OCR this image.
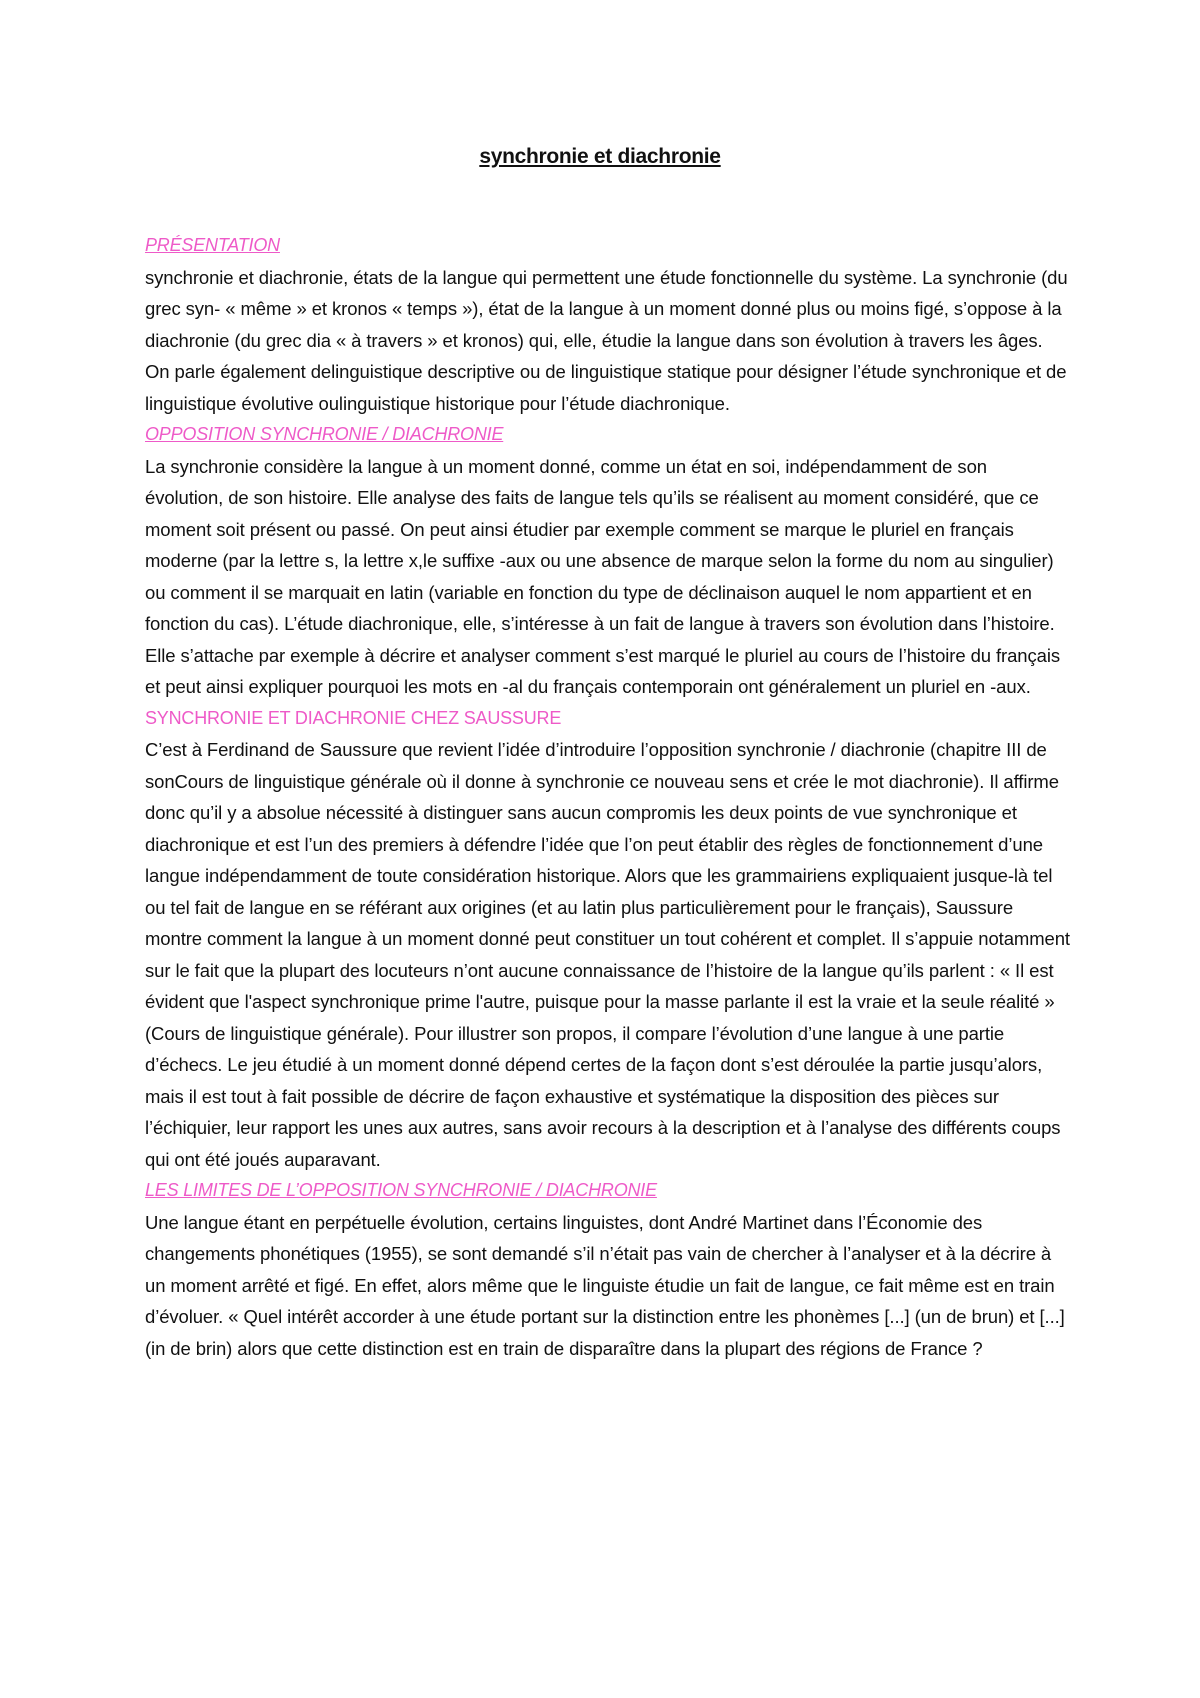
synchronie et diachronie
PRÉSENTATION

synchronie et diachronie, états de la langue qui permettent une étude fonctionnelle du système. La synchronie (du grec syn- « même » et kronos « temps »), état de la langue à un moment donné plus ou moins figé, s’oppose à la diachronie (du grec dia « à travers » et kronos) qui, elle, étudie la langue dans son évolution à travers les âges. On parle également delinguistique descriptive ou de linguistique statique pour désigner l’étude synchronique et de linguistique évolutive oulinguistique historique pour l’étude diachronique.

OPPOSITION SYNCHRONIE / DIACHRONIE

La synchronie considère la langue à un moment donné, comme un état en soi, indépendamment de son évolution, de son histoire. Elle analyse des faits de langue tels qu’ils se réalisent au moment considéré, que ce moment soit présent ou passé. On peut ainsi étudier par exemple comment se marque le pluriel en français moderne (par la lettre s, la lettre x,le suffixe -aux ou une absence de marque selon la forme du nom au singulier) ou comment il se marquait en latin (variable en fonction du type de déclinaison auquel le nom appartient et en fonction du cas). L’étude diachronique, elle, s’intéresse à un fait de langue à travers son évolution dans l’histoire. Elle s’attache par exemple à décrire et analyser comment s’est marqué le pluriel au cours de l’histoire du français et peut ainsi expliquer pourquoi les mots en -al du français contemporain ont généralement un pluriel en -aux.

SYNCHRONIE ET DIACHRONIE CHEZ SAUSSURE

C’est à Ferdinand de Saussure que revient l’idée d’introduire l’opposition synchronie / diachronie (chapitre III de sonCours de linguistique générale où il donne à synchronie ce nouveau sens et crée le mot diachronie). Il affirme donc qu’il y a absolue nécessité à distinguer sans aucun compromis les deux points de vue synchronique et diachronique et est l’un des premiers à défendre l’idée que l’on peut établir des règles de fonctionnement d’une langue indépendamment de toute considération historique. Alors que les grammairiens expliquaient jusque-là tel ou tel fait de langue en se référant aux origines (et au latin plus particulièrement pour le français), Saussure montre comment la langue à un moment donné peut constituer un tout cohérent et complet. Il s’appuie notamment sur le fait que la plupart des locuteurs n’ont aucune connaissance de l’histoire de la langue qu’ils parlent : « Il est évident que l'aspect synchronique prime l'autre, puisque pour la masse parlante il est la vraie et la seule réalité » (Cours de linguistique générale). Pour illustrer son propos, il compare l’évolution d’une langue à une partie d’échecs. Le jeu étudié à un moment donné dépend certes de la façon dont s’est déroulée la partie jusqu’alors, mais il est tout à fait possible de décrire de façon exhaustive et systématique la disposition des pièces sur l’échiquier, leur rapport les unes aux autres, sans avoir recours à la description et à l’analyse des différents coups qui ont été joués auparavant.

LES LIMITES DE L’OPPOSITION SYNCHRONIE / DIACHRONIE

Une langue étant en perpétuelle évolution, certains linguistes, dont André Martinet dans l’Économie des changements phonétiques (1955), se sont demandé s’il n’était pas vain de chercher à l’analyser et à la décrire à un moment arrêté et figé. En effet, alors même que le linguiste étudie un fait de langue, ce fait même est en train d’évoluer. « Quel intérêt accorder à une étude portant sur la distinction entre les phonèmes [...] (un de brun) et [...] (in de brin) alors que cette distinction est en train de disparaître dans la plupart des régions de France ?
